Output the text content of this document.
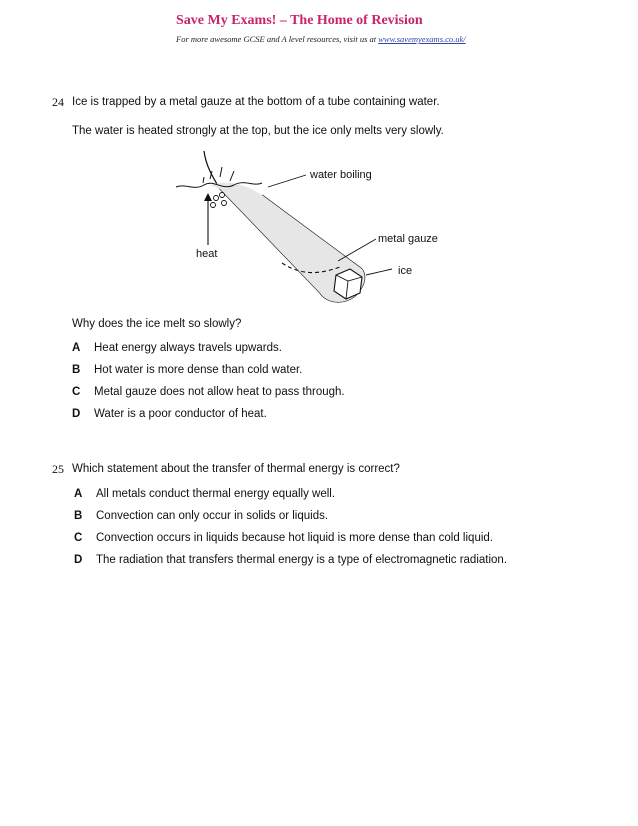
Save My Exams! – The Home of Revision
For more awesome GCSE and A level resources, visit us at www.savemyexams.co.uk/
24 Ice is trapped by a metal gauze at the bottom of a tube containing water.
The water is heated strongly at the top, but the ice only melts very slowly.
water boiling
metal gauze
heat
ice
Why does the ice melt so slowly?
A Heat energy always travels upwards.
B Hot water is more dense than cold water.
C Metal gauze does not allow heat to pass through.
D Water is a poor conductor of heat.
25 Which statement about the transfer of thermal energy is correct?
A All metals conduct thermal energy equally well.
B Convection can only occur in solids or liquids.
C Convection occurs in liquids because hot liquid is more dense than cold liquid.
D The radiation that transfers thermal energy is a type of electromagnetic radiation.
